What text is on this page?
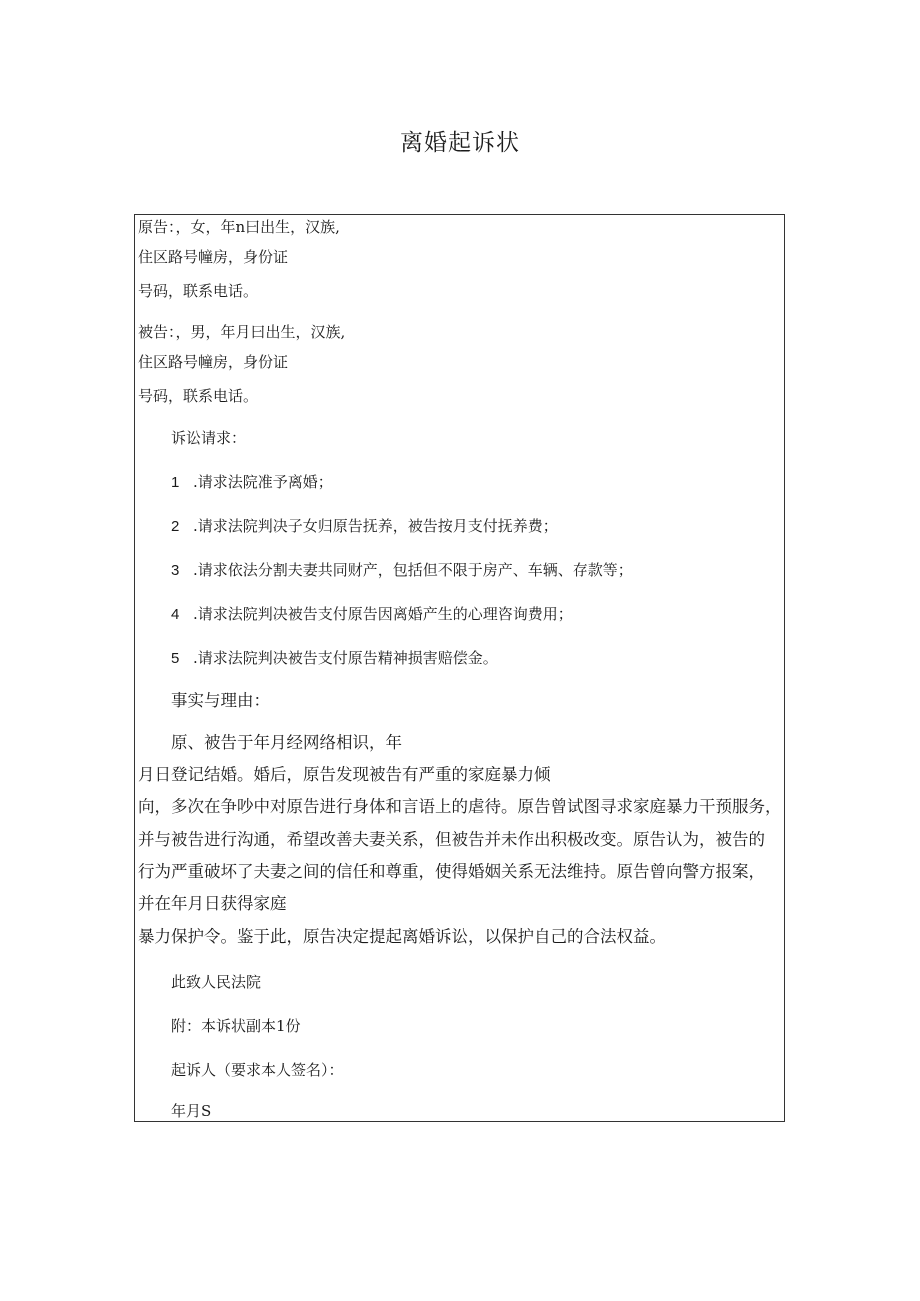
离婚起诉状
原告：，女，年n曰出生，汉族,
住区路号幢房，身份证
号码，联系电话。
被告：，男，年月曰出生，汉族,
住区路号幢房，身份证
号码，联系电话。
诉讼请求：
1 .请求法院准予离婚；
2 .请求法院判决子女归原告抚养，被告按月支付抚养费；
3 .请求依法分割夫妻共同财产，包括但不限于房产、车辆、存款等；
4 .请求法院判决被告支付原告因离婚产生的心理咨询费用；
5 .请求法院判决被告支付原告精神损害赔偿金。
事实与理由：
原、被告于年月经网络相识，年
月日登记结婚。婚后，原告发现被告有严重的家庭暴力倾
向，多次在争吵中对原告进行身体和言语上的虐待。原告曾试图寻求家庭暴力干预服务，
并与被告进行沟通，希望改善夫妻关系，但被告并未作出积极改变。原告认为，被告的
行为严重破坏了夫妻之间的信任和尊重，使得婚姻关系无法维持。原告曾向警方报案，
并在年月日获得家庭
暴力保护令。鉴于此，原告决定提起离婚诉讼，以保护自己的合法权益。
此致人民法院
附：本诉状副本1份
起诉人（要求本人签名）：
年月S
